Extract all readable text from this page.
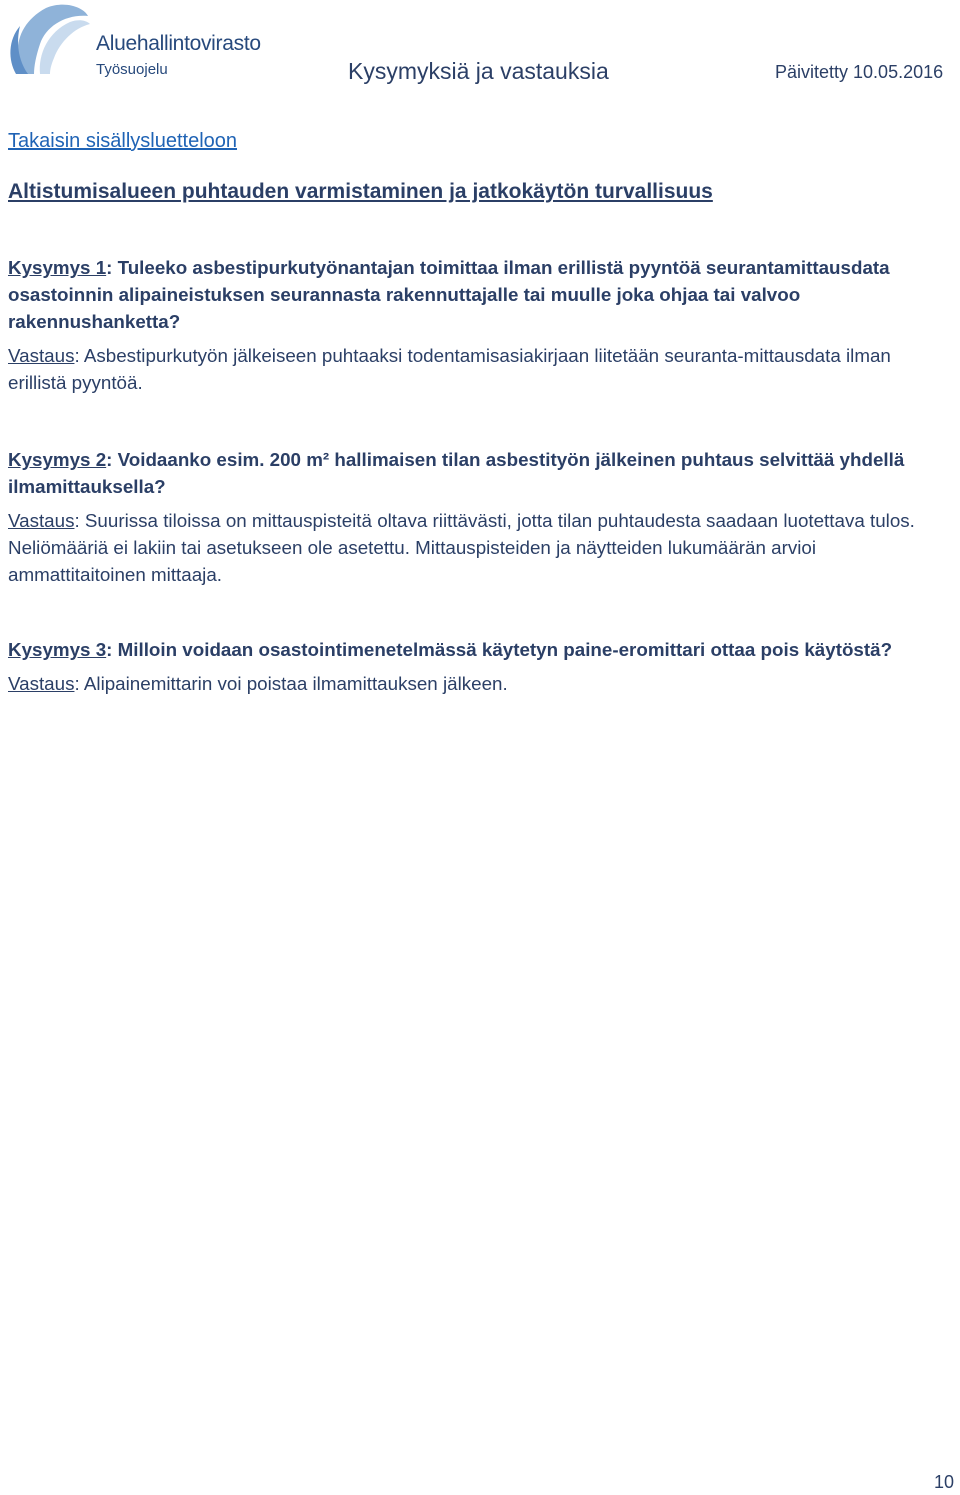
Aluehallintovirasto
Työsuojelu	Kysymyksiä ja vastauksia	Päivitetty 10.05.2016
Takaisin sisällysluetteloon
Altistumisalueen puhtauden varmistaminen ja jatkokäytön turvallisuus

Kysymys 1: Tuleeko asbestipurkutyönantajan toimittaa ilman erillistä pyyntöä seurantamittausdata osastoinnin alipaineistuksen seurannasta rakennuttajalle tai muulle joka ohjaa tai valvoo rakennushanketta?

Vastaus: Asbestipurkutyön jälkeiseen puhtaaksi todentamisasiakirjaan liitetään seuranta-mittausdata ilman erillistä pyyntöä.

Kysymys 2: Voidaanko esim. 200 m² hallimaisen tilan asbestityön jälkeinen puhtaus selvittää yhdellä ilmamittauksella?

Vastaus: Suurissa tiloissa on mittauspisteitä oltava riittävästi, jotta tilan puhtaudesta saadaan luotettava tulos. Neliömääriä ei lakiin tai asetukseen ole asetettu. Mittauspisteiden ja näytteiden lukumäärän arvioi ammattitaitoinen mittaaja.

Kysymys 3: Milloin voidaan osastointimenetelmässä käytetyn paine-eromittari ottaa pois käytöstä?

Vastaus: Alipainemittarin voi poistaa ilmamittauksen jälkeen.

10
